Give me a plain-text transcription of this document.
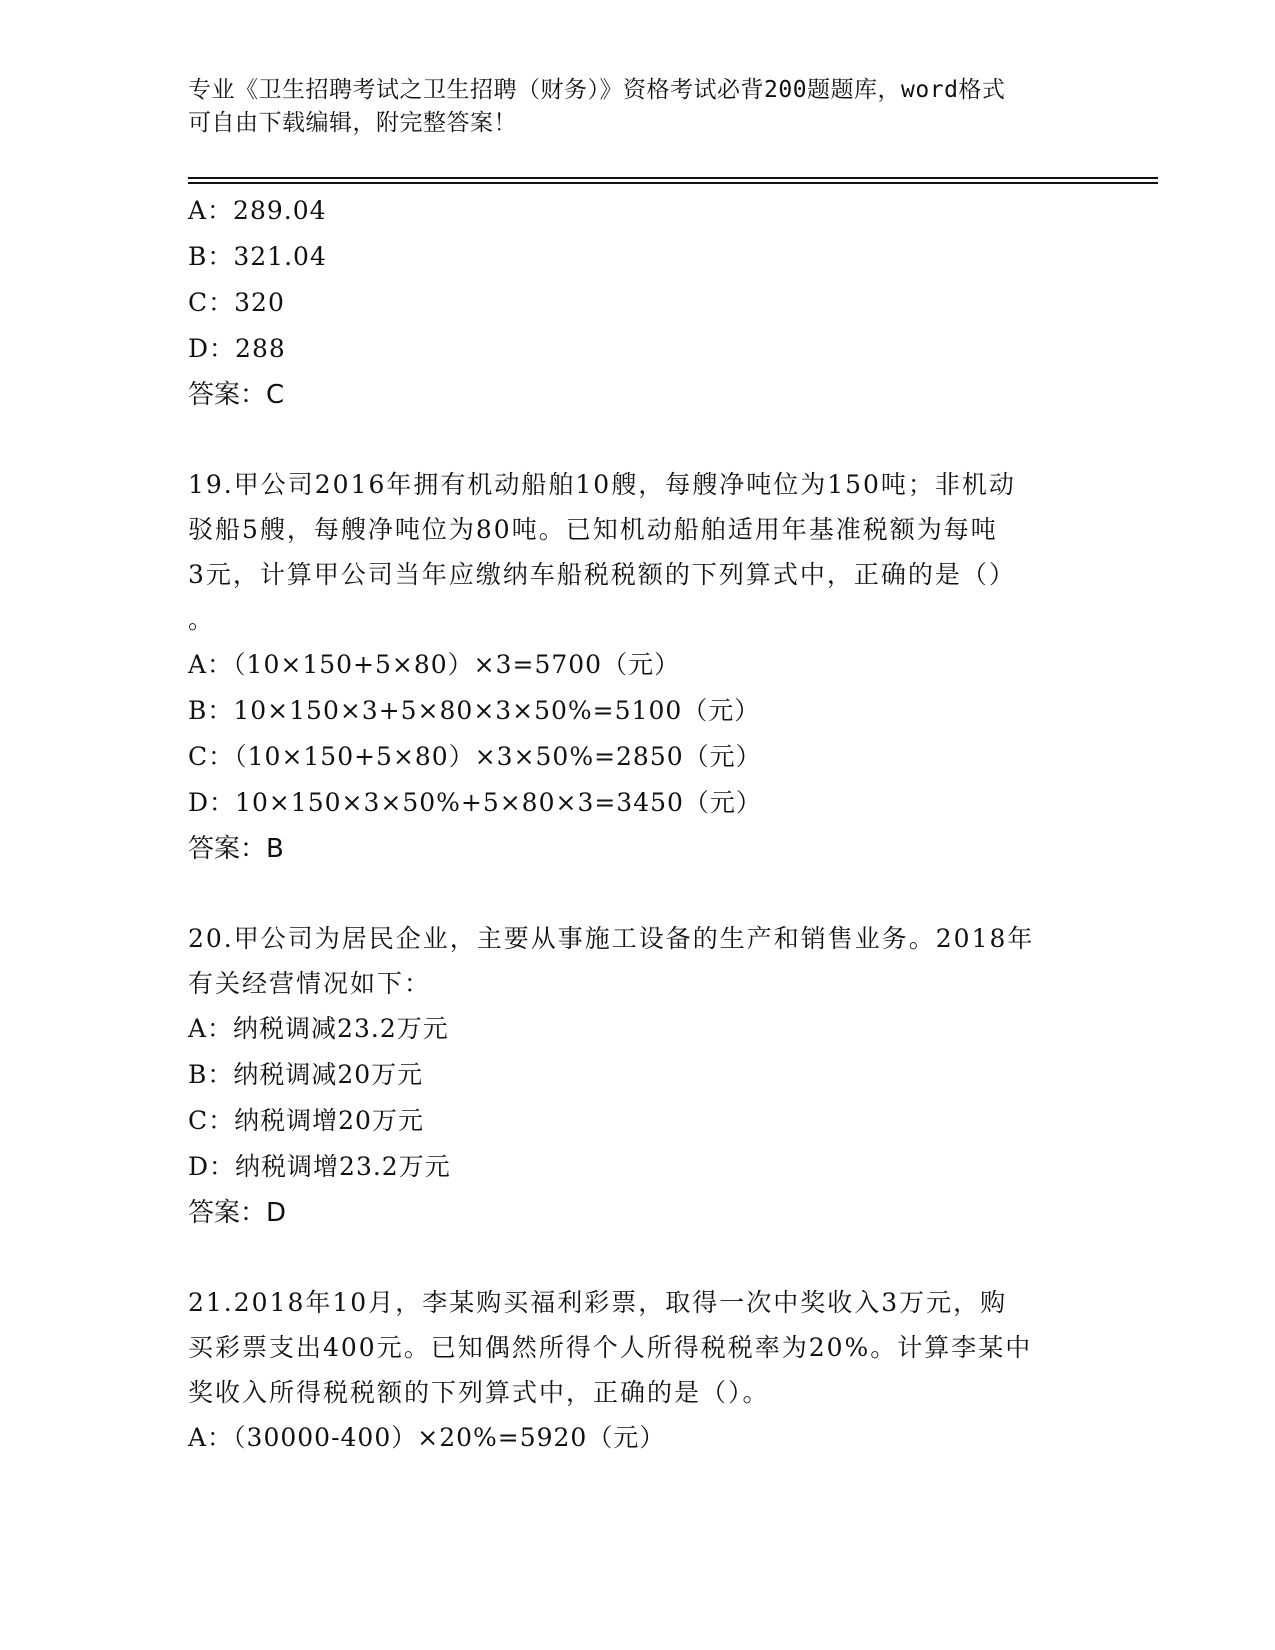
专业《卫生招聘考试之卫生招聘（财务）》资格考试必背200题题库，word格式
可自由下载编辑，附完整答案！
A：289.04
B：321.04
C：320
D：288
答案：C
19.甲公司2016年拥有机动船舶10艘，每艘净吨位为150吨；非机动
驳船5艘，每艘净吨位为80吨。已知机动船舶适用年基准税额为每吨
3元，计算甲公司当年应缴纳车船税税额的下列算式中，正确的是（）
。
A：（10×150+5×80）×3=5700（元）
B：10×150×3+5×80×3×50%=5100（元）
C：（10×150+5×80）×3×50%=2850（元）
D：10×150×3×50%+5×80×3=3450（元）
答案：B
20.甲公司为居民企业，主要从事施工设备的生产和销售业务。2018年
有关经营情况如下：
A：纳税调减23.2万元
B：纳税调减20万元
C：纳税调增20万元
D：纳税调增23.2万元
答案：D
21.2018年10月，李某购买福利彩票，取得一次中奖收入3万元，购
买彩票支出400元。已知偶然所得个人所得税税率为20%。计算李某中
奖收入所得税税额的下列算式中，正确的是（）。
A：（30000-400）×20%=5920（元）
